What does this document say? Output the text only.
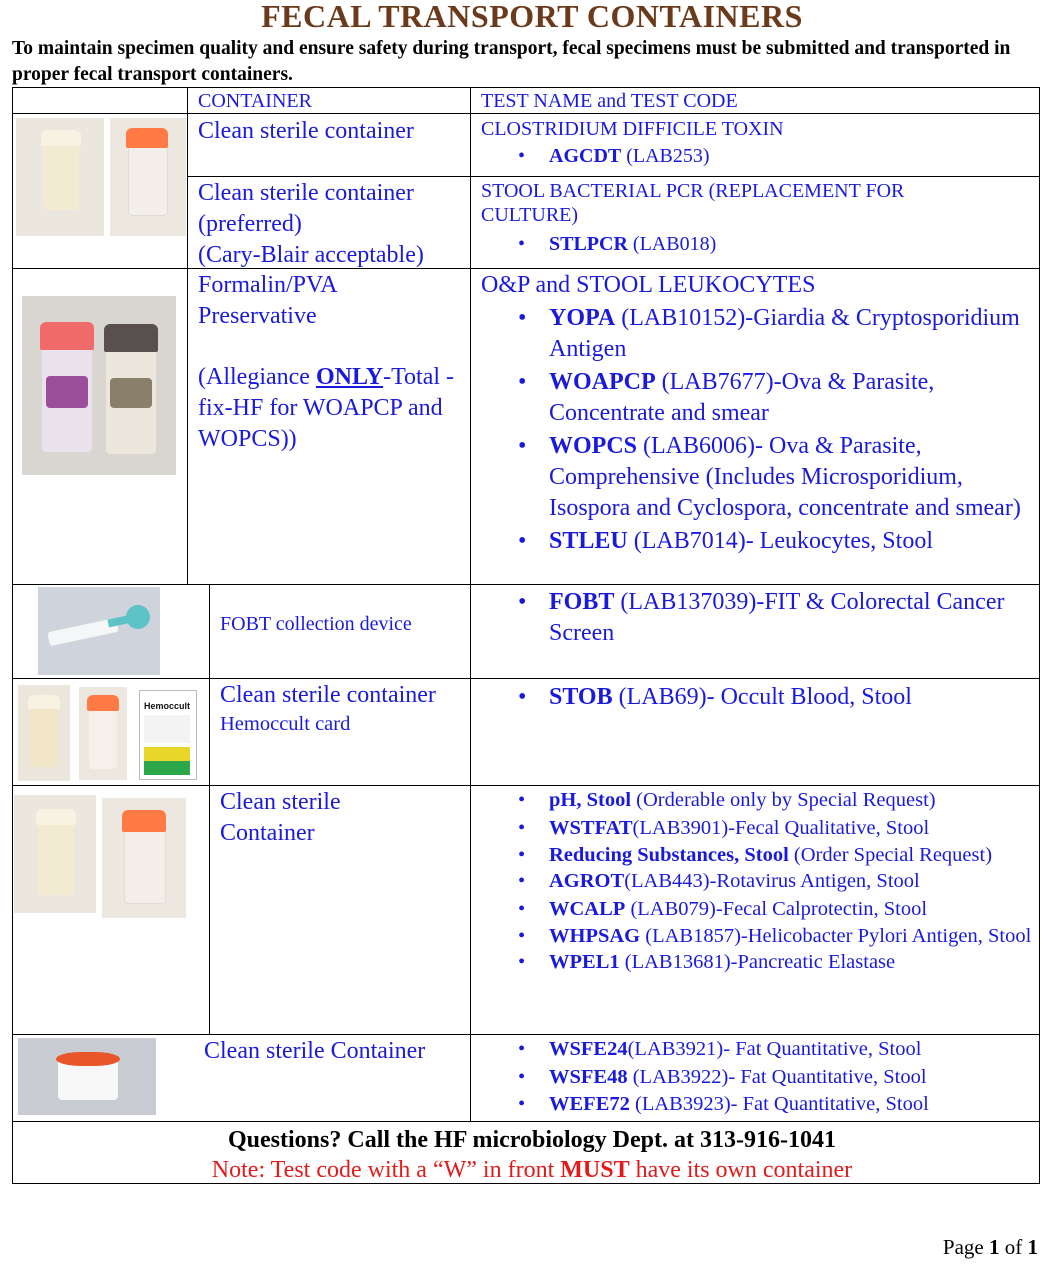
FECAL TRANSPORT CONTAINERS
To maintain specimen quality and ensure safety during transport, fecal specimens must be submitted and transported in proper fecal transport containers.
CONTAINER	TEST NAME and TEST CODE
Clean sterile container	CLOSTRIDIUM DIFFICILE TOXIN
• AGCDT (LAB253)
Clean sterile container
(preferred)
(Cary-Blair acceptable)
STOOL BACTERIAL PCR (REPLACEMENT FOR CULTURE)
• STLPCR (LAB018)
Formalin/PVA
Preservative
(Allegiance ONLY-Total -fix-HF for WOAPCP and WOPCS))
O&P and STOOL LEUKOCYTES
• YOPA (LAB10152)-Giardia & Cryptosporidium Antigen
• WOAPCP (LAB7677)-Ova & Parasite, Concentrate and smear
• WOPCS (LAB6006)- Ova & Parasite, Comprehensive (Includes Microsporidium, Isospora and Cyclospora, concentrate and smear)
• STLEU (LAB7014)- Leukocytes, Stool
FOBT collection device
• FOBT (LAB137039)-FIT & Colorectal Cancer Screen
Hemoccult Clean sterile container
Hemoccult card
• STOB (LAB69)- Occult Blood, Stool
Clean sterile
Container
• pH, Stool (Orderable only by Special Request)
• WSTFAT(LAB3901)-Fecal Qualitative, Stool
• Reducing Substances, Stool (Order Special Request)
• AGROT(LAB443)-Rotavirus Antigen, Stool
• WCALP (LAB079)-Fecal Calprotectin, Stool
• WHPSAG (LAB1857)-Helicobacter Pylori Antigen, Stool
• WPEL1 (LAB13681)-Pancreatic Elastase
Clean sterile Container
•	WSFE24(LAB3921)- Fat Quantitative, Stool
• WSFE48 (LAB3922)- Fat Quantitative, Stool
• WEFE72 (LAB3923)- Fat Quantitative, Stool
Questions? Call the HF microbiology Dept. at 313-916-1041
Note: Test code with a “W” in front MUST have its own container
Page 1 of 1
